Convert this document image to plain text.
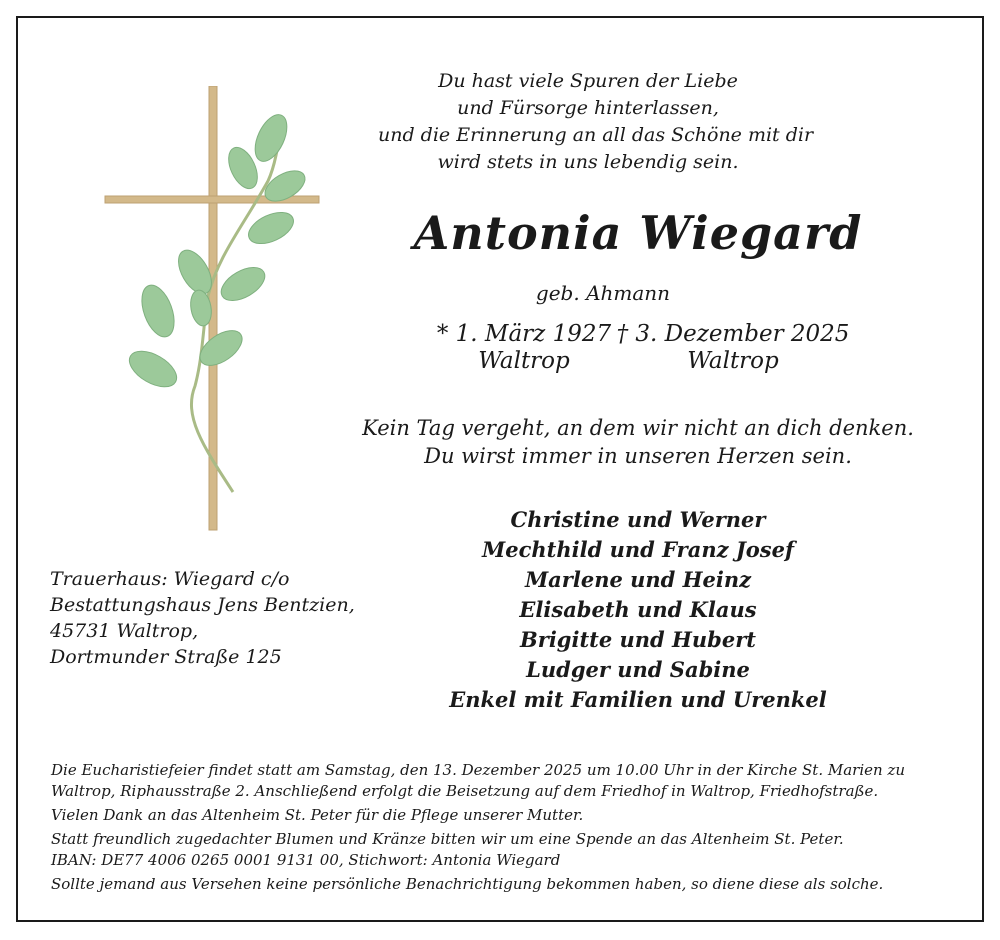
Du hast viele Spuren der Liebe
und Fürsorge hinterlassen,
und die Erinnerung an all das Schöne mit dir
wird stets in uns lebendig sein.
Antonia Wiegard
geb. Ahmann
* 1. März 1927
Waltrop
† 3. Dezember 2025
Waltrop
Kein Tag vergeht, an dem wir nicht an dich denken.
Du wirst immer in unseren Herzen sein.
Christine und Werner
Mechthild und Franz Josef
Marlene und Heinz
Elisabeth und Klaus
Brigitte und Hubert
Ludger und Sabine
Enkel mit Familien und Urenkel
Trauerhaus: Wiegard c/o
Bestattungshaus Jens Bentzien,
45731 Waltrop,
Dortmunder Straße 125

Die Eucharistiefeier findet statt am Samstag, den 13. Dezember 2025 um 10.00 Uhr in der Kirche St. Marien zu
Waltrop, Riphausstraße 2. Anschließend erfolgt die Beisetzung auf dem Friedhof in Waltrop, Friedhofstraße.

Vielen Dank an das Altenheim St. Peter für die Pflege unserer Mutter.

Statt freundlich zugedachter Blumen und Kränze bitten wir um eine Spende an das Altenheim St. Peter.
IBAN: DE77 4006 0265 0001 9131 00, Stichwort: Antonia Wiegard

Sollte jemand aus Versehen keine persönliche Benachrichtigung bekommen haben, so diene diese als solche.
